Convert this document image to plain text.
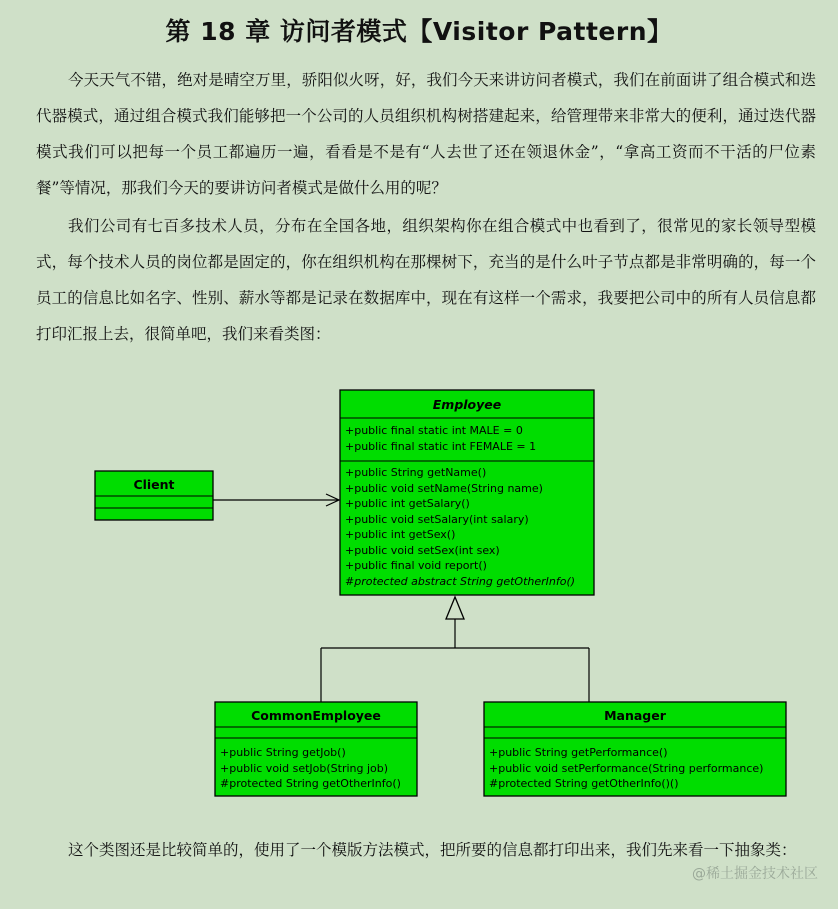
第 18 章 访问者模式【Visitor Pattern】

今天天气不错，绝对是晴空万里，骄阳似火呀，好，我们今天来讲访问者模式，我们在前面讲了组合模式和迭代器模式，通过组合模式我们能够把一个公司的人员组织机构树搭建起来，给管理带来非常大的便利，通过迭代器模式我们可以把每一个员工都遍历一遍，看看是不是有“人去世了还在领退休金”，“拿高工资而不干活的尸位素餐”等情况，那我们今天的要讲访问者模式是做什么用的呢？

我们公司有七百多技术人员，分布在全国各地，组织架构你在组合模式中也看到了，很常见的家长领导型模式，每个技术人员的岗位都是固定的，你在组织机构在那棵树下，充当的是什么叶子节点都是非常明确的，每一个员工的信息比如名字、性别、薪水等都是记录在数据库中，现在有这样一个需求，我要把公司中的所有人员信息都打印汇报上去，很简单吧，我们来看类图：

Employee
+public final static int MALE = 0
+public final static int FEMALE = 1
+public String getName()
+public void setName(String name)
+public int getSalary()
+public void setSalary(int salary)
+public int getSex()
+public void setSex(int sex)
+public final void report()
#protected abstract String getOtherInfo()
Client
CommonEmployee
+public String getJob()
+public void setJob(String job)
#protected String getOtherInfo()
Manager
+public String getPerformance()
+public void setPerformance(String performance)
#protected String getOtherInfo()()

这个类图还是比较简单的，使用了一个模版方法模式，把所要的信息都打印出来，我们先来看一下抽象类：

@稀土掘金技术社区
